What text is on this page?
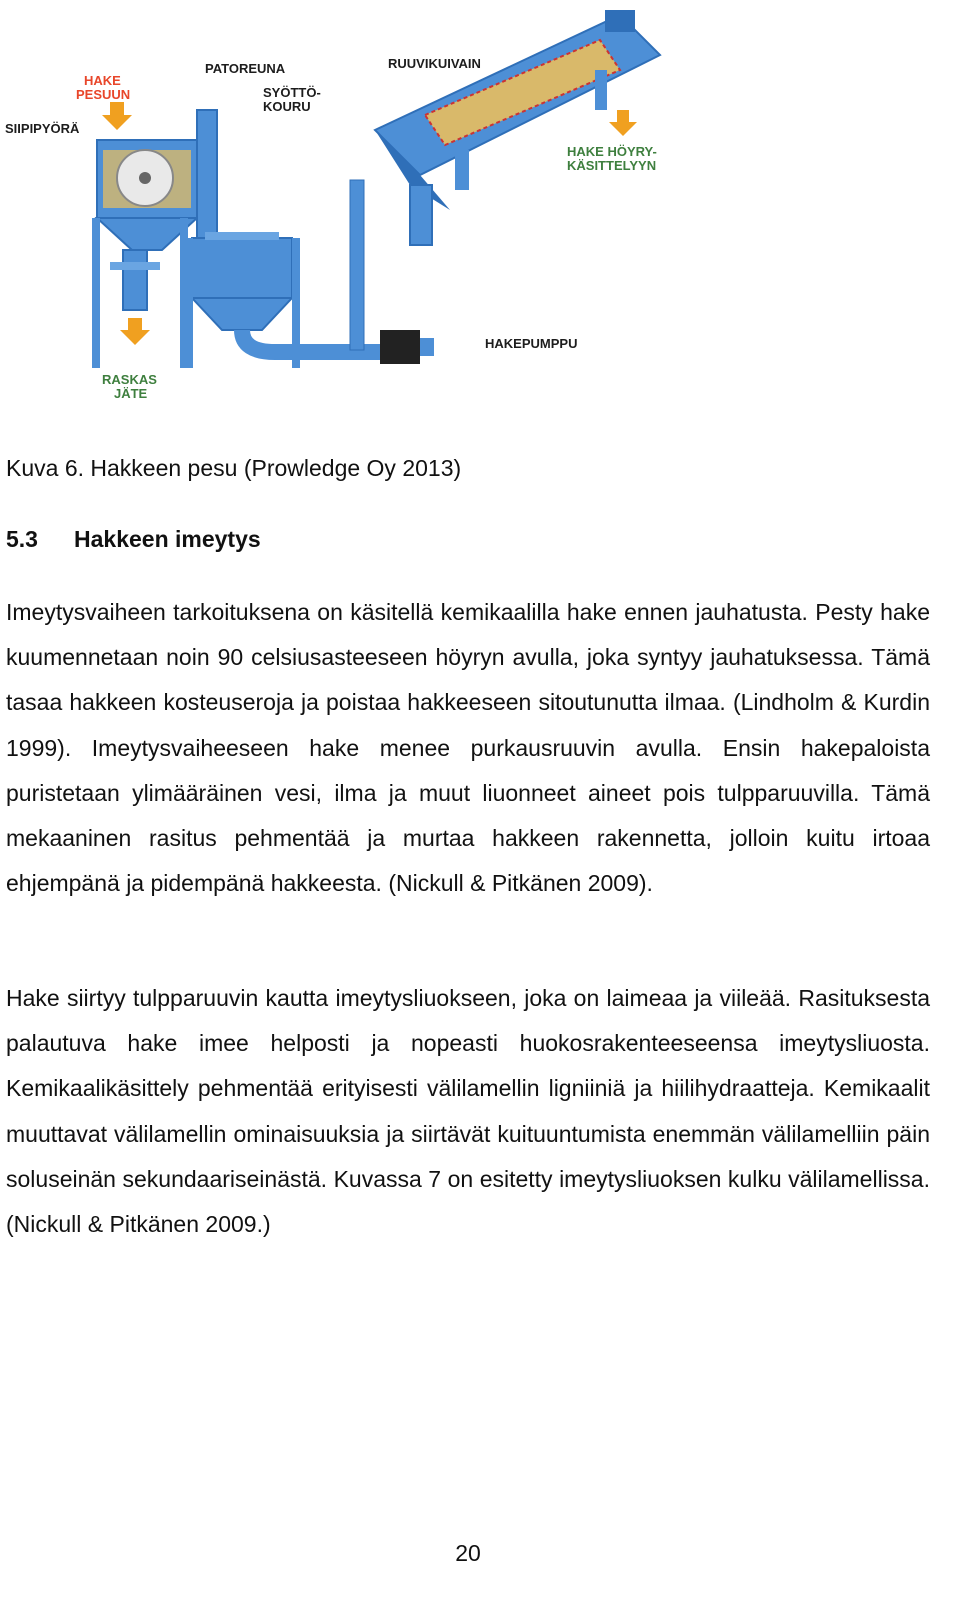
HAKE
PESUUN
SIIPIPYÖRÄ
PATOREUNA
SYÖTTÖ-
KOURU
RUUVIKUIVAIN
HAKE HÖYRY-
KÄSITTELYYN
HAKEPUMPPU
RASKAS
JÄTE
Kuva 6. Hakkeen pesu (Prowledge Oy 2013)
5.3 Hakkeen imeytys

Imeytysvaiheen tarkoituksena on käsitellä kemikaalilla hake ennen jauhatusta. Pesty hake kuumennetaan noin 90 celsiusasteeseen höyryn avulla, joka syntyy jauhatuksessa. Tämä tasaa hakkeen kosteuseroja ja poistaa hakkeeseen sitoutunutta ilmaa. (Lindholm & Kurdin 1999). Imeytysvaiheeseen hake menee purkausruuvin avulla. Ensin hakepaloista puristetaan ylimääräinen vesi, ilma ja muut liuonneet aineet pois tulpparuuvilla. Tämä mekaaninen rasitus pehmentää ja murtaa hakkeen rakennetta, jolloin kuitu irtoaa ehjempänä ja pidempänä hakkeesta. (Nickull & Pitkänen 2009).

Hake siirtyy tulpparuuvin kautta imeytysliuokseen, joka on laimeaa ja viileää. Rasituksesta palautuva hake imee helposti ja nopeasti huokosrakenteeseensa imeytysliuosta. Kemikaalikäsittely pehmentää erityisesti välilamellin ligniiniä ja hiilihydraatteja. Kemikaalit muuttavat välilamellin ominaisuuksia ja siirtävät kuituuntumista enemmän välilamelliin päin soluseinän sekundaariseinästä. Kuvassa 7 on esitetty imeytysliuoksen kulku välilamellissa. (Nickull & Pitkänen 2009.)

20
